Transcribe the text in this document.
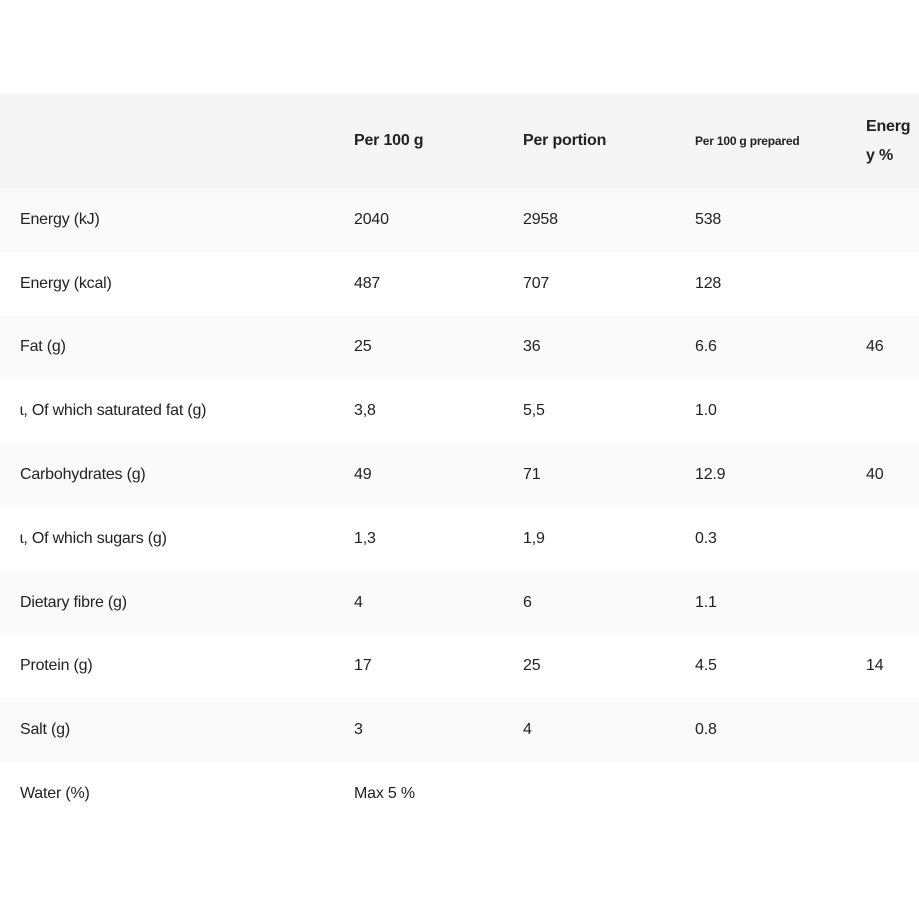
	Per 100 g	Per portion	Per 100 g prepared	Energy %
Energy (kJ)	2040	2958	538	
Energy (kcal)	487	707	128	
Fat (g)	25	36	6.6	46
ɩ, Of which saturated fat (g)	3,8	5,5	1.0	
Carbohydrates (g)	49	71	12.9	40
ɩ, Of which sugars (g)	1,3	1,9	0.3	
Dietary fibre (g)	4	6	1.1	
Protein (g)	17	25	4.5	14
Salt (g)	3	4	0.8	
Water (%)	Max 5 %			
